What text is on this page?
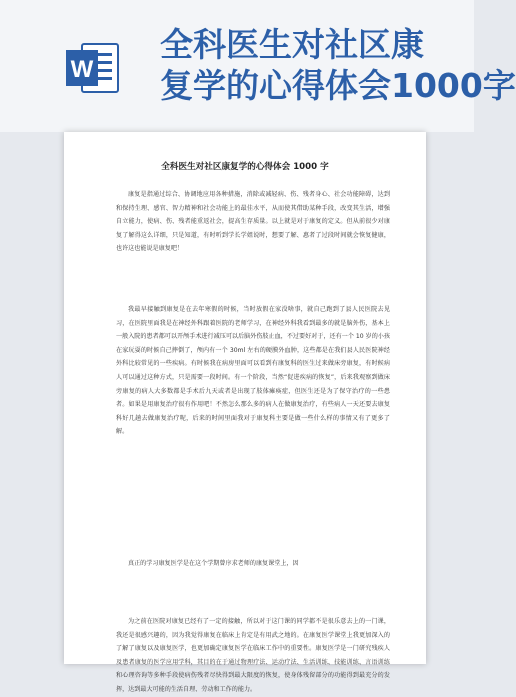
W
全科医生对社区康
复学的心得体会1000字
全科医生对社区康复学的心得体会 1000 字

康复是指通过综合、协调地应用各种措施，消除或减轻病、伤、残者身心、社会功能障碍，达到和保持生理、感官、智力精神和社会功能上的最佳水平，从而使其借助某种手段，改变其生活，增强自立能力，使病、伤、残者能重返社会，提高生存质量。以上就是对于康复的定义。但从前很少对康复了解得这么详细，只是知道，有时听到学长学姐说时，想要了解、惠者了过段时间就会恢复健康，也许这也能说是康复吧！

我最早接触到康复是在去年寒假的时候，当时放假在家没啥事，就自己跑到了县人民医院去见习，在医院里面我是在神经外科跟着医院的老师学习，在神经外科我看到最多的就是脑外伤，基本上一般入院的患者都可以开颅手术进行减压可以后脑外伤肢止血，不过要好对于，还有一个 10 岁的小孩在家玩耍的时候自己摔倒了，颅内有一个 30ml 左右的硬膜外血肿，这些都是在我们县人民医院神经外科比较常见的一些疾病。有时候我在病房里面可以看到有康复科的医生过来做床旁康复，有时候病人可以通过这种方式，只是需要一段时间。有一个阶段，当然“促进疾病的恢复”，后来我观察到做床旁康复的病人大多数都是手术后九天或者是出现了肢体瘫痪症，但医生还是为了保守治疗的一些患者。如果是用康复治疗很有作用吧！不然怎么那么多的病人在做康复治疗，有些病人一天还要去康复科好几趟去做康复治疗呢，后来的时间里面我对于康复科主要是做一些什么样的事情又有了更多了解。

真正的学习康复医学是在这个学期曾序求老师的康复课堂上，因

为之前在医院对康复已经有了一定的接触，所以对于这门课的同学都不是很乐意去上的一门课，我还是很感兴趣的，因为我觉得康复在临床上肯定是有用武之地的。在康复医学课堂上我更加深入的了解了康复以及康复医学，也更加确定康复医学在临床工作中的重要性。康复医学是一门研究残疾人及患者康复的医学应用学科，其目的在于通过物理疗法、运动疗法、生活训练、技能训练、言语训练和心理咨询等多种手段使病伤残者尽快得到最大限度的恢复，使身体残留部分的功能得到最充分的发挥，达到最大可能的生活自理、劳动和工作的能力。
